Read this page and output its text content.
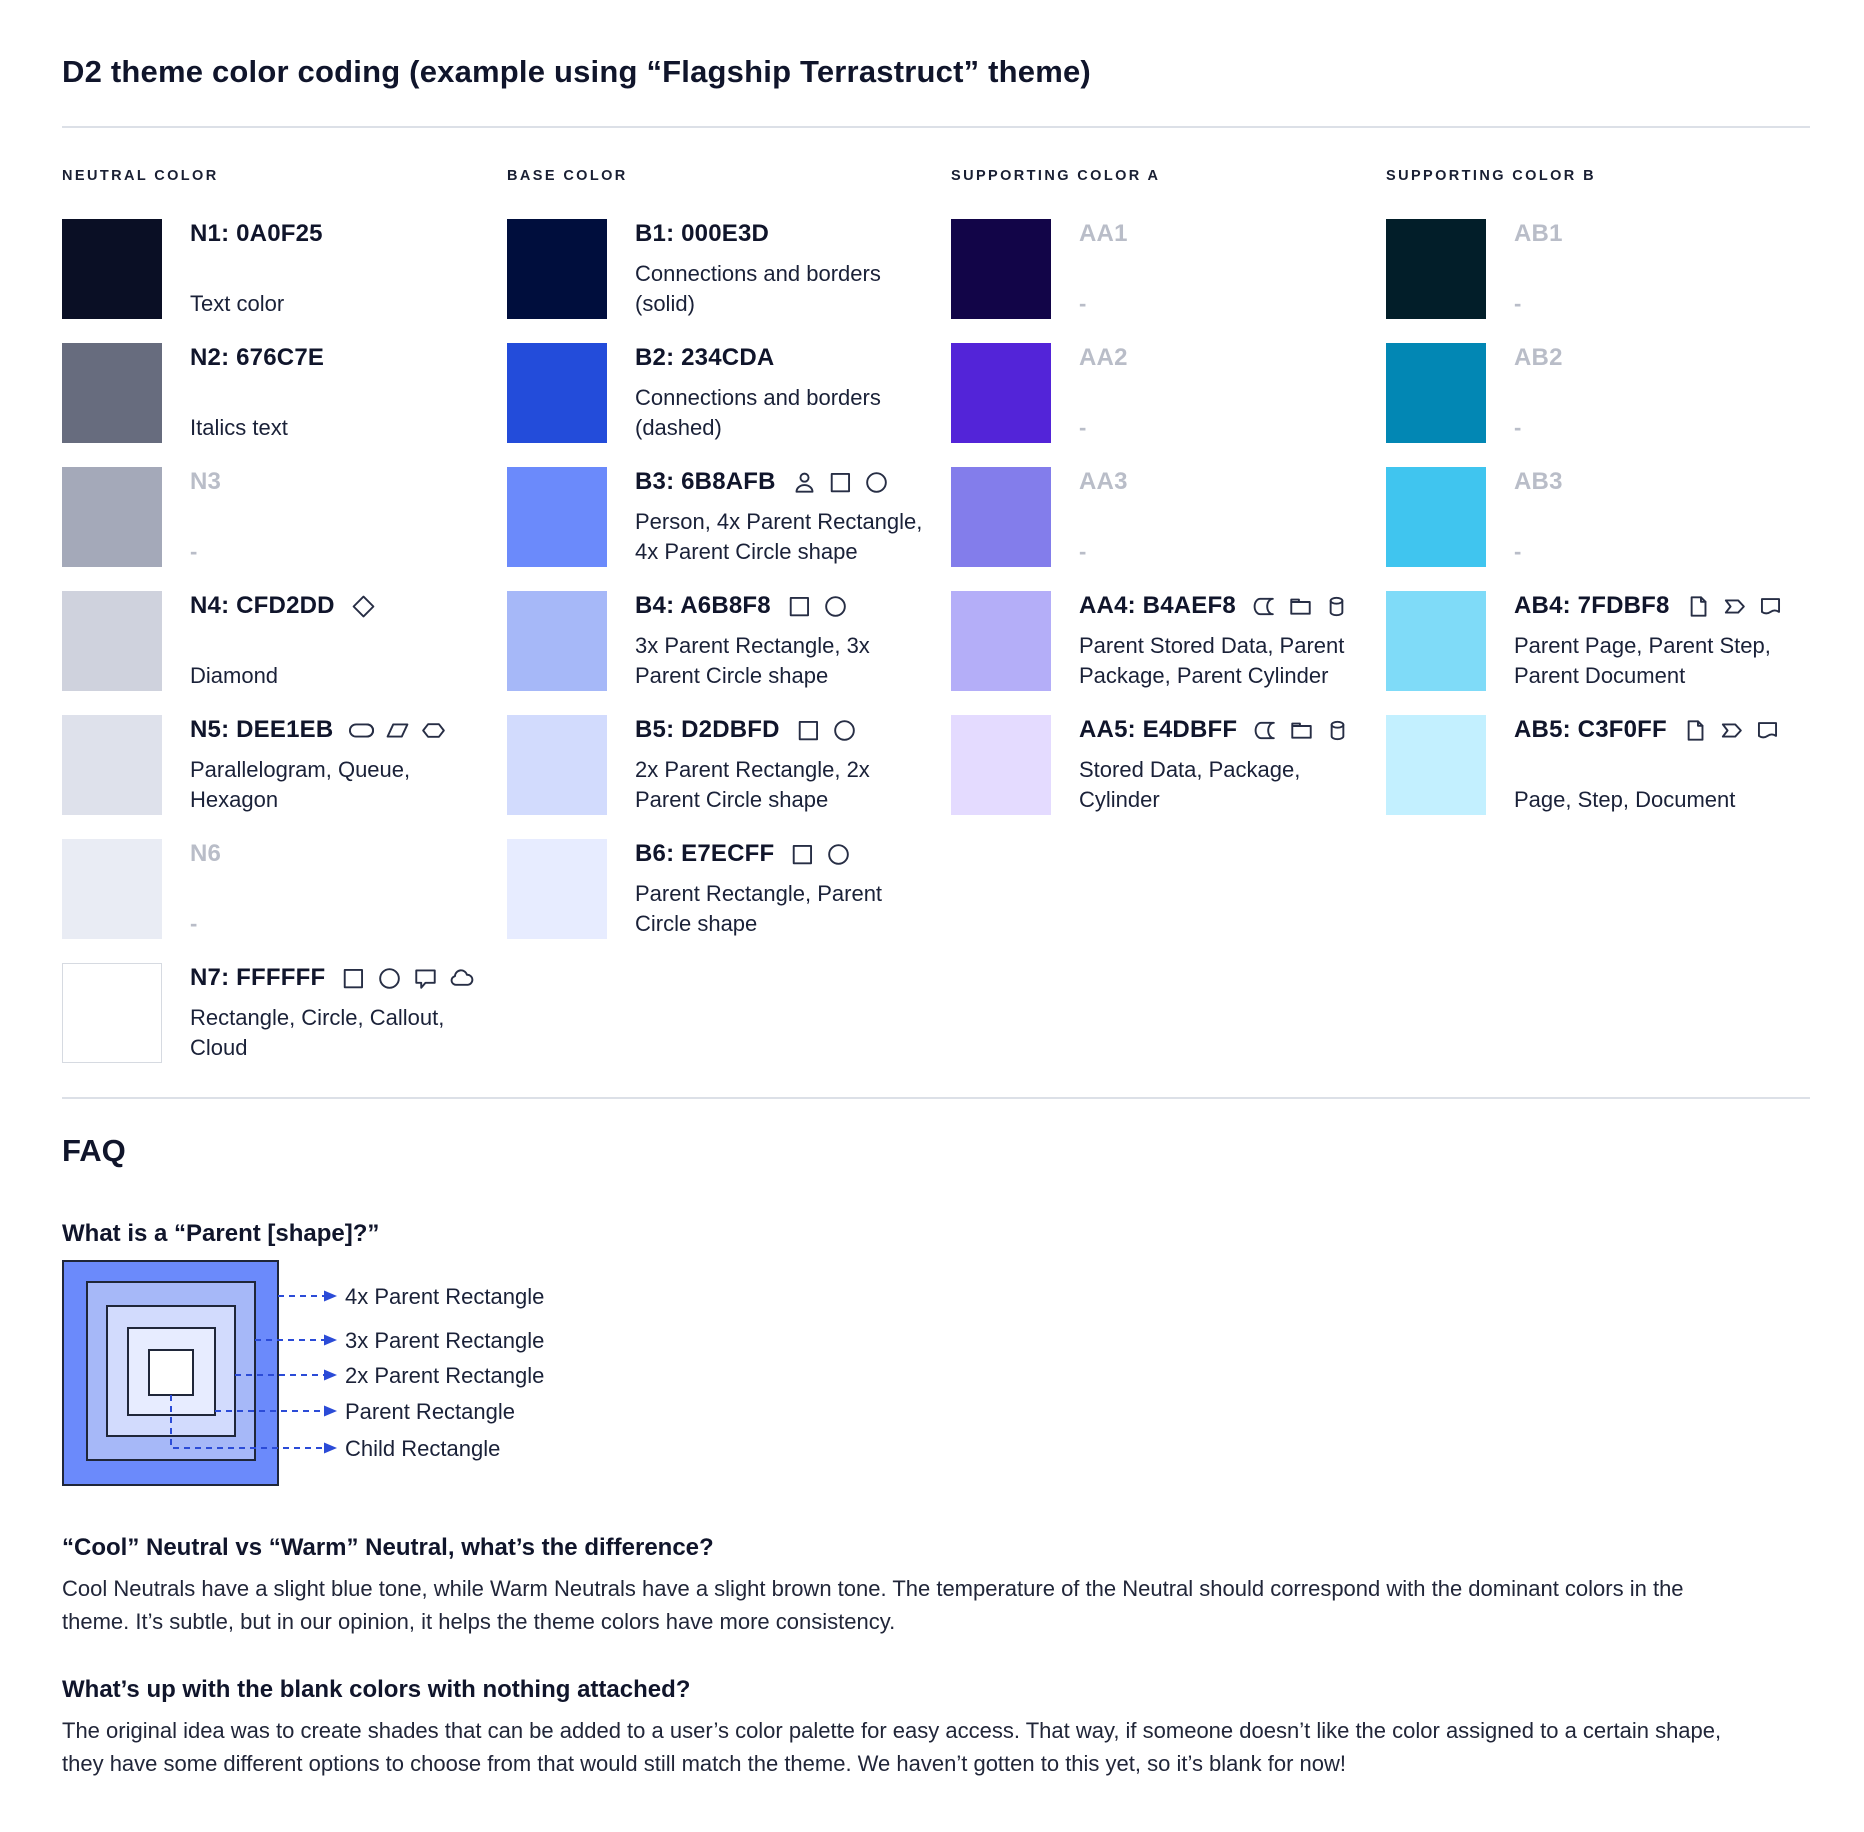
D2 theme color coding (example using “Flagship Terrastruct” theme)
NEUTRAL COLOR
N1: 0A0F25
Text color
N2: 676C7E
Italics text
N3
-
N4: CFD2DD
Diamond
N5: DEE1EB
Parallelogram, Queue, Hexagon
N6
-
N7: FFFFFF
Rectangle, Circle, Callout, Cloud
BASE COLOR
B1: 000E3D
Connections and borders (solid)
B2: 234CDA
Connections and borders (dashed)
B3: 6B8AFB
Person, 4x Parent Rectangle, 4x Parent Circle shape
B4: A6B8F8
3x Parent Rectangle, 3x Parent Circle shape
B5: D2DBFD
2x Parent Rectangle, 2x Parent Circle shape
B6: E7ECFF
Parent Rectangle, Parent Circle shape
SUPPORTING COLOR A
AA1
-
AA2
-
AA3
-
AA4: B4AEF8
Parent Stored Data, Parent Package, Parent Cylinder
AA5: E4DBFF
Stored Data, Package, Cylinder
SUPPORTING COLOR B
AB1
-
AB2
-
AB3
-
AB4: 7FDBF8
Parent Page, Parent Step, Parent Document
AB5: C3F0FF
Page, Step, Document
FAQ
What is a “Parent [shape]?”
4x Parent Rectangle
3x Parent Rectangle
2x Parent Rectangle
Parent Rectangle
Child Rectangle
“Cool” Neutral vs “Warm” Neutral, what’s the difference?
Cool Neutrals have a slight blue tone, while Warm Neutrals have a slight brown tone. The temperature of the Neutral should correspond with the dominant colors in the theme. It’s subtle, but in our opinion, it helps the theme colors have more consistency.
What’s up with the blank colors with nothing attached?
The original idea was to create shades that can be added to a user’s color palette for easy access. That way, if someone doesn’t like the color assigned to a certain shape, they have some different options to choose from that would still match the theme. We haven’t gotten to this yet, so it’s blank for now!
